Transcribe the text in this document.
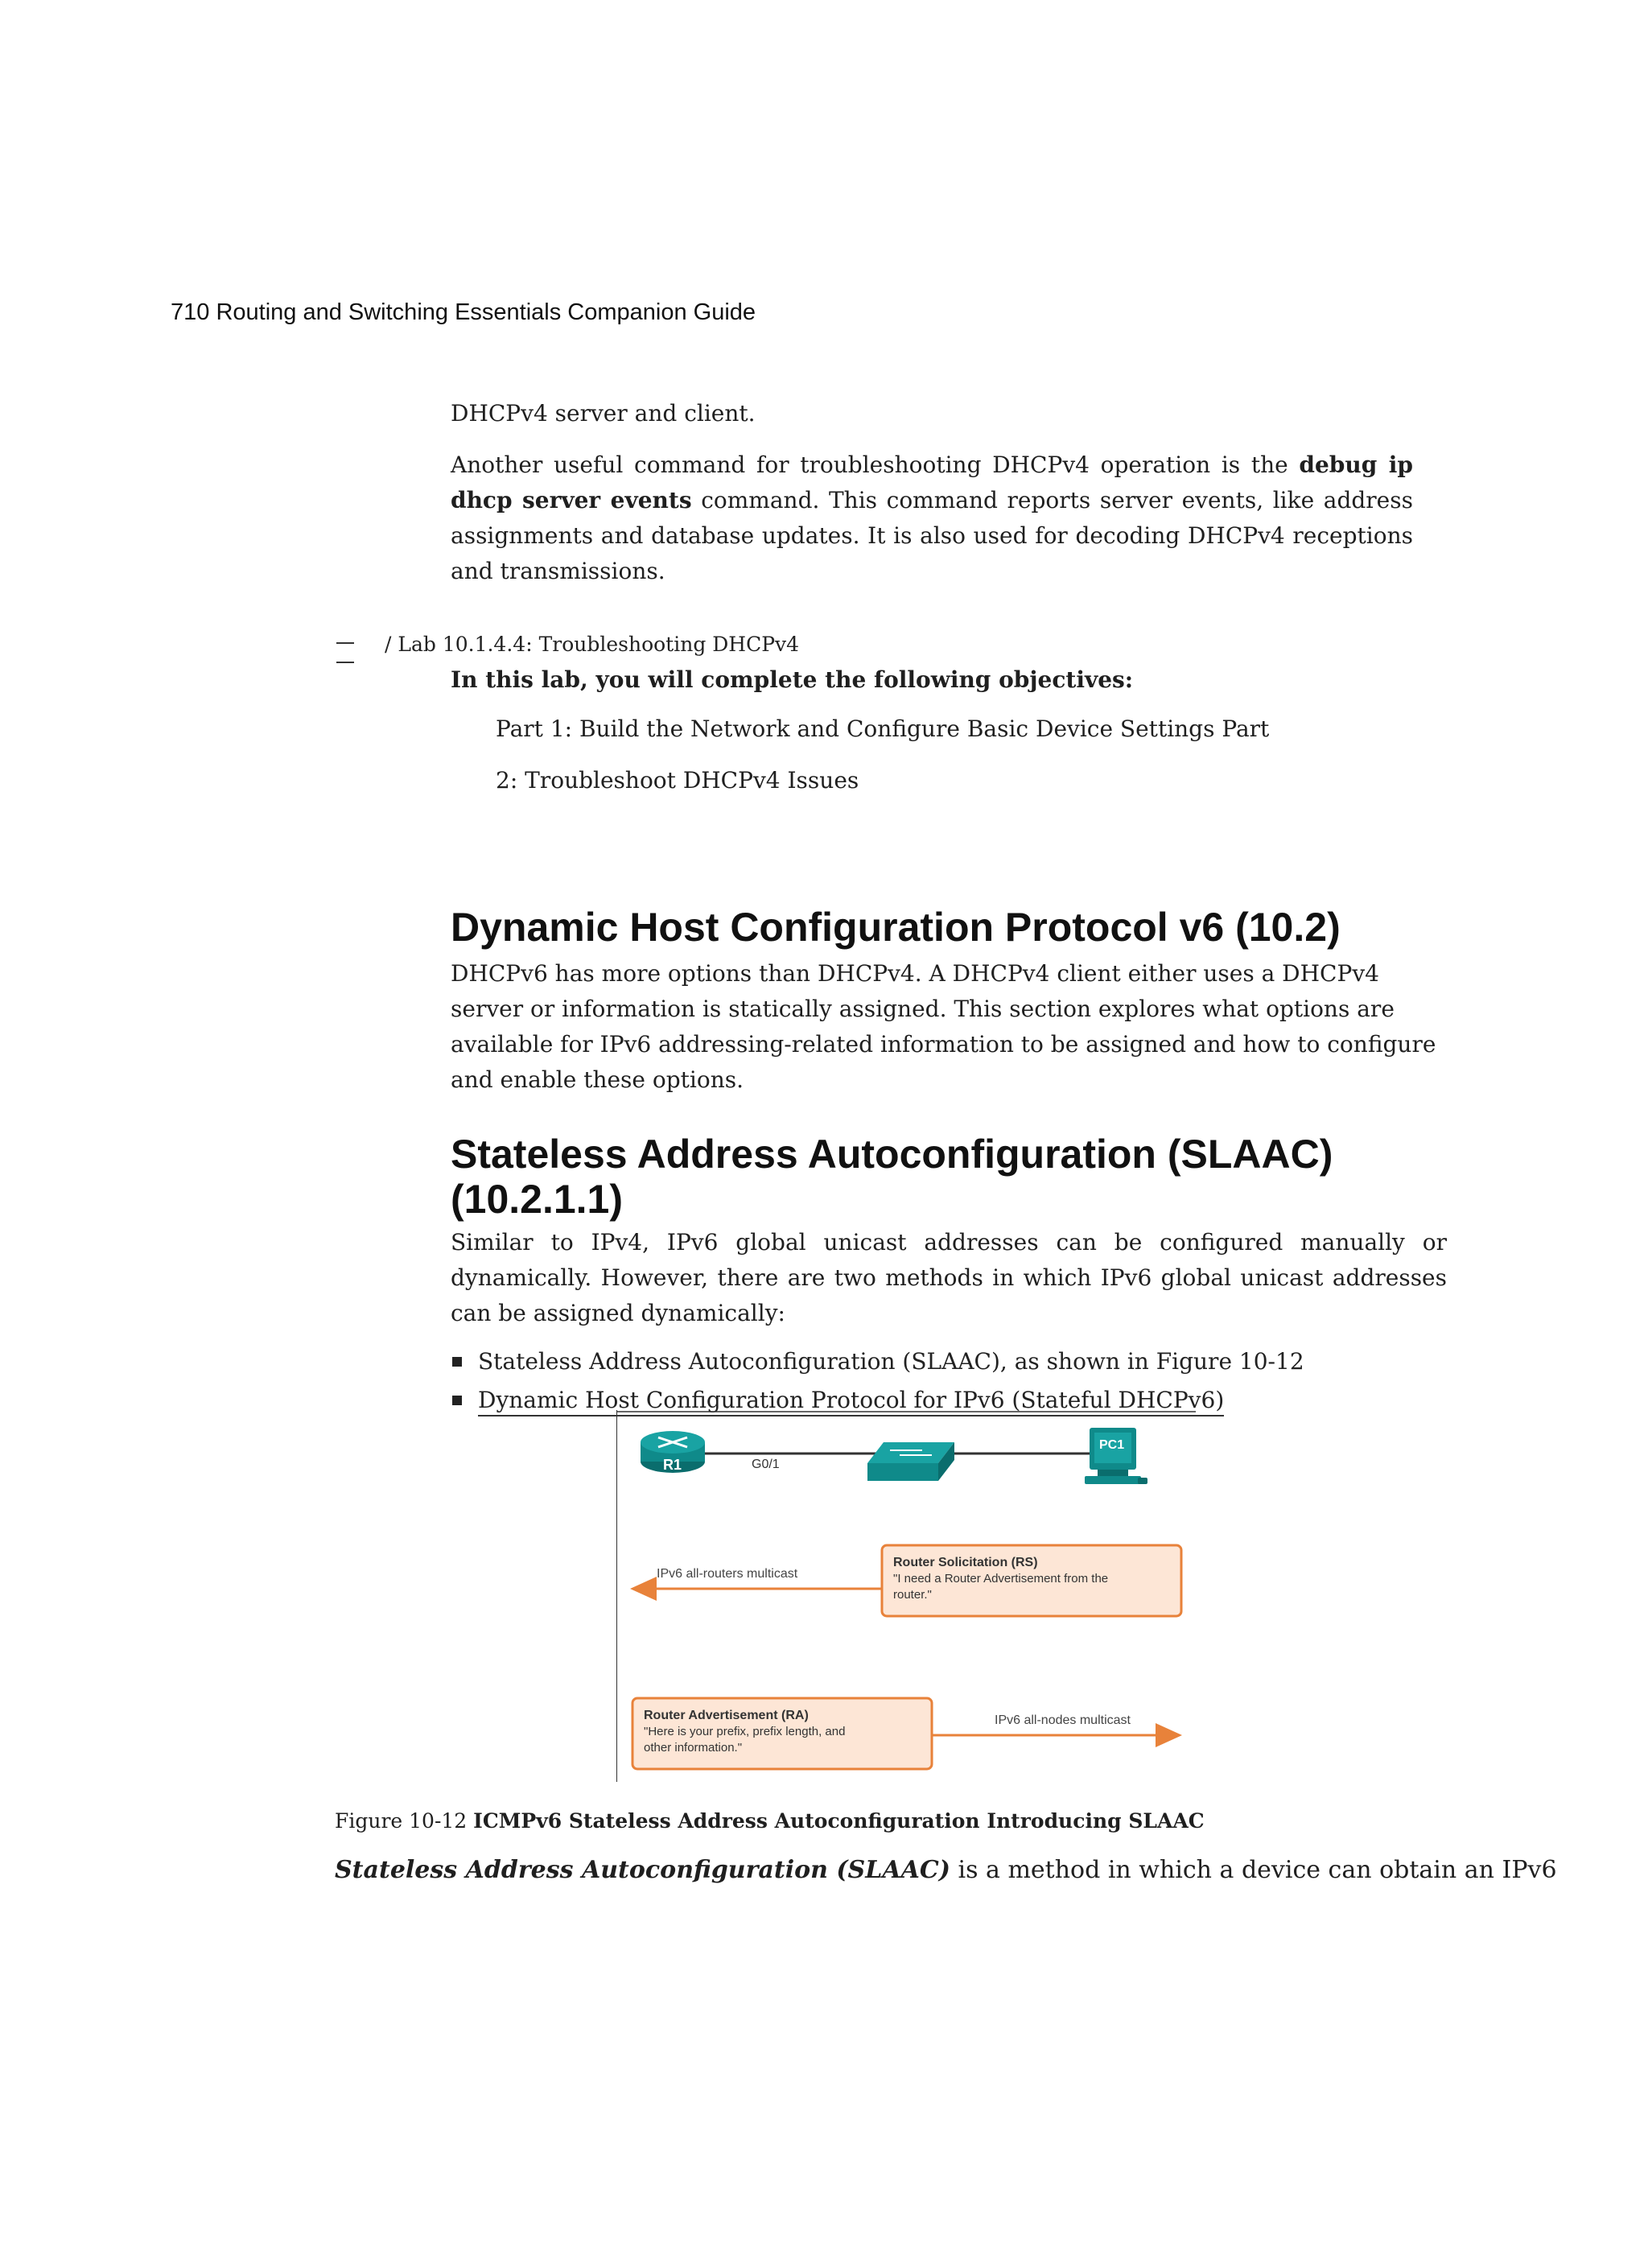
710 Routing and Switching Essentials Companion Guide
DHCPv4 server and client.
Another useful command for troubleshooting DHCPv4 operation is the debug ip dhcp server events command. This command reports server events, like address assignments and database updates. It is also used for decoding DHCPv4 receptions and transmissions.
/ Lab 10.1.4.4: Troubleshooting DHCPv4
In this lab, you will complete the following objectives:
Part 1: Build the Network and Configure Basic Device Settings Part
2: Troubleshoot DHCPv4 Issues
Dynamic Host Configuration Protocol v6 (10.2)
DHCPv6 has more options than DHCPv4. A DHCPv4 client either uses a DHCPv4 server or information is statically assigned. This section explores what options are available for IPv6 addressing-related information to be assigned and how to configure and enable these options.
Stateless Address Autoconfiguration (SLAAC)
(10.2.1.1)
Similar to IPv4, IPv6 global unicast addresses can be configured manually or dynamically. However, there are two methods in which IPv6 global unicast addresses can be assigned dynamically:
Stateless Address Autoconfiguration (SLAAC), as shown in Figure 10-12
Dynamic Host Configuration Protocol for IPv6 (Stateful DHCPv6)
R1	G0/1
PC1
IPv6 all-routers multicast
Router Solicitation (RS)
"I need a Router Advertisement from the
router."
Router Advertisement (RA)
"Here is your prefix, prefix length, and
other information."
IPv6 all-nodes multicast
Figure 10-12 ICMPv6 Stateless Address Autoconfiguration Introducing SLAAC
Stateless Address Autoconfiguration (SLAAC) is a method in which a device can obtain an IPv6
